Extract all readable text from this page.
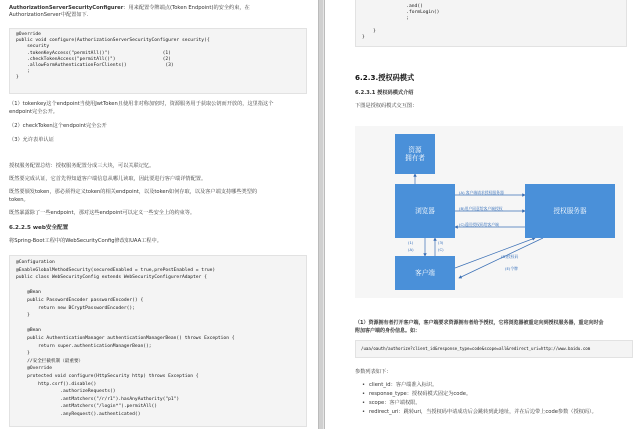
AuthorizationServerSecurityConfigurer：用来配置令牌端点(Token Endpoint)的安全约束，在
AuthorizationServer中配置如下.
@Override
public void configure(AuthorizationServerSecurityConfigurer security){
security
.tokenKeyAccess("permitAll()")                   (1)
.checkTokenAccess("permitAll()")                 (2)
.allowFormAuthenticationForClients()              (3)
;
}
（1）tokenkey这个endpoint当使用JwtToken且使用非对称加密时，资源服务用于获取公钥而开放的，这里指这个
endpoint完全公开。
（2）checkToken这个endpoint完全公开
（3）允许表单认证
授权服务配置总结：授权服务配置分成三大块，可以关联记忆。
既然要完成认证，它首先得知道客户端信息从哪儿读取，因此要进行客户端详情配置。
既然要颁发token，那必须得定义token的相关endpoint，以及token如何存取，以及客户端支持哪些类型的
token。
既然暴露除了一些endpoint，那对这些endpoint可以定义一些安全上的约束等。
6.2.2.5 web安全配置
将Spring-Boot工程中的WebSecurityConfig修改如UAA工程中。
@Configuration
@EnableGlobalMethodSecurity(securedEnabled = true,prePostEnabled = true)
public class WebSecurityConfig extends WebSecurityConfigurerAdapter {

@Bean
public PasswordEncoder passwordEncoder() {
return new BCryptPasswordEncoder();
}

@Bean
public AuthenticationManager authenticationManagerBean() throws Exception {
return super.authenticationManagerBean();
}
//安全拦截机制（最重要）
@Override
protected void configure(HttpSecurity http) throws Exception {
http.csrf().disable()
.authorizeRequests()
.antMatchers("/r/r1").hasAnyAuthority("p1")
.antMatchers("/login*").permitAll()
.anyRequest().authenticated()
.and()
.formLogin()
;

}
}
6.2.3.授权码模式
6.2.3.1 授权码模式介绍
下图是授权码模式交互图：
资源
拥有者
浏览器	授权服务器
客户端
(A) 客户端请求授权服务器
(B)用户同意给客户端授权
(C)返回授权码给客户端
(1)	(3)
(A)	(C)
(D)授权码
(E)令牌
（1）资源拥有者打开客户端，客户端要求资源拥有者给予授权，它将浏览器被重定向到授权服务器，重定向时会
附加客户端的身份信息。如：
/uaa/oauth/authorize?client_id&response_type=code&scope=all&redirect_uri=http://www.baidu.com
参数列表如下：
• client_id：客户端准入标识。
• response_type：授权码模式固定为code。
• scope：客户端权限。
• redirect_uri：跳转uri，当授权码申请成功后会跳转到此地址，并在后边带上code参数（授权码）。
